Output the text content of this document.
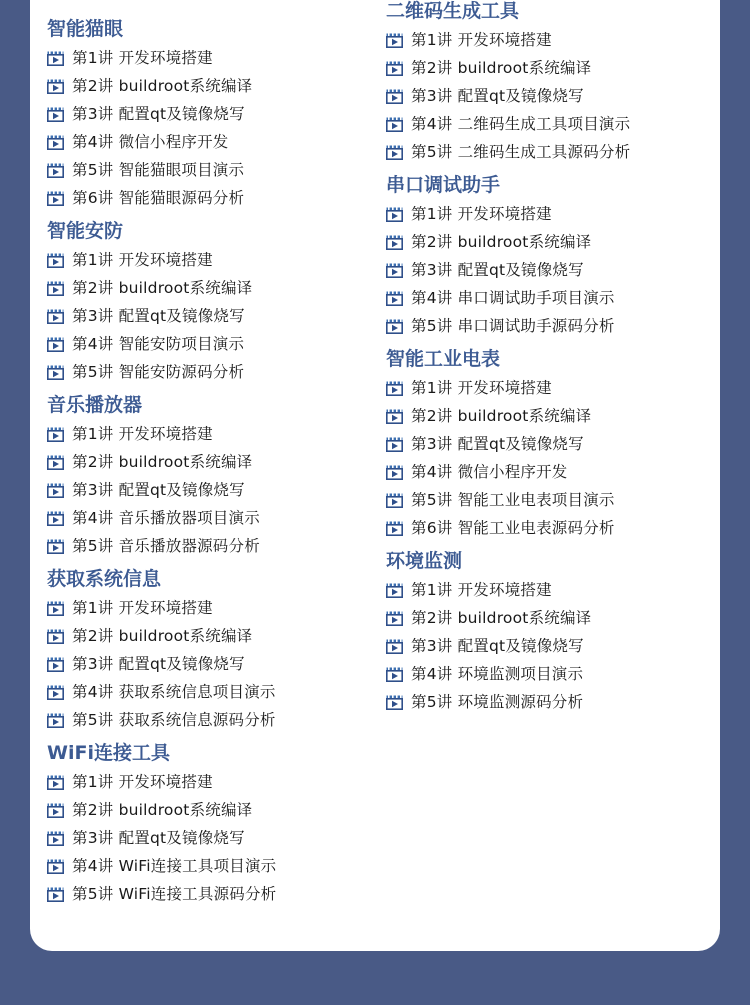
智能猫眼
第1讲 开发环境搭建
第2讲 buildroot系统编译
第3讲 配置qt及镜像烧写
第4讲 微信小程序开发
第5讲 智能猫眼项目演示
第6讲 智能猫眼源码分析
智能安防
第1讲 开发环境搭建
第2讲 buildroot系统编译
第3讲 配置qt及镜像烧写
第4讲 智能安防项目演示
第5讲 智能安防源码分析
音乐播放器
第1讲 开发环境搭建
第2讲 buildroot系统编译
第3讲 配置qt及镜像烧写
第4讲 音乐播放器项目演示
第5讲 音乐播放器源码分析
获取系统信息
第1讲 开发环境搭建
第2讲 buildroot系统编译
第3讲 配置qt及镜像烧写
第4讲 获取系统信息项目演示
第5讲 获取系统信息源码分析
WiFi连接工具
第1讲 开发环境搭建
第2讲 buildroot系统编译
第3讲 配置qt及镜像烧写
第4讲 WiFi连接工具项目演示
第5讲 WiFi连接工具源码分析
二维码生成工具
第1讲 开发环境搭建
第2讲 buildroot系统编译
第3讲 配置qt及镜像烧写
第4讲 二维码生成工具项目演示
第5讲 二维码生成工具源码分析
串口调试助手
第1讲 开发环境搭建
第2讲 buildroot系统编译
第3讲 配置qt及镜像烧写
第4讲 串口调试助手项目演示
第5讲 串口调试助手源码分析
智能工业电表
第1讲 开发环境搭建
第2讲 buildroot系统编译
第3讲 配置qt及镜像烧写
第4讲 微信小程序开发
第5讲 智能工业电表项目演示
第6讲 智能工业电表源码分析
环境监测
第1讲 开发环境搭建
第2讲 buildroot系统编译
第3讲 配置qt及镜像烧写
第4讲 环境监测项目演示
第5讲 环境监测源码分析
